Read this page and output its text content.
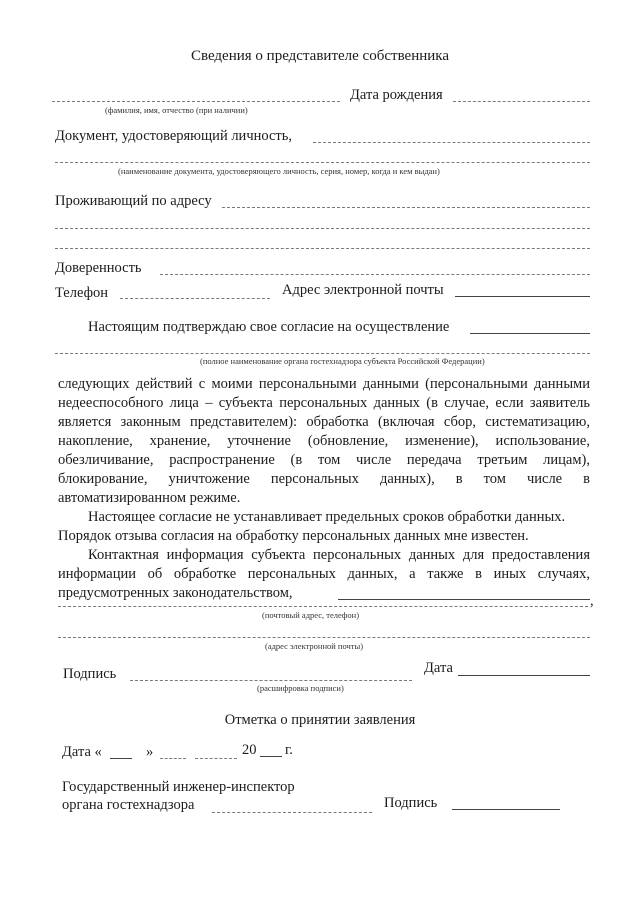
Сведения о представителе собственника
Дата рождения
(фамилия, имя, отчество (при наличии)
Документ, удостоверяющий личность,
(наименование документа, удостоверяющего личность, серия, номер, когда и кем выдан)
Проживающий по адресу
Доверенность
Телефон	Адрес электронной почты
Настоящим подтверждаю свое согласие на осуществление
(полное наименование органа гостехнадзора субъекта Российской Федерации)
следующих действий с моими персональными данными (персональными данными
недееспособного лица – субъекта персональных данных (в случае, если заявитель
является законным представителем): обработка (включая сбор, систематизацию,
накопление, хранение, уточнение (обновление, изменение), использование,
обезличивание, распространение (в том числе передача третьим лицам),
блокирование, уничтожение персональных данных), в том числе в
автоматизированном режиме.
Настоящее согласие не устанавливает предельных сроков обработки данных.
Порядок отзыва согласия на обработку персональных данных мне известен.
Контактная информация субъекта персональных данных для предоставления
информации об обработке персональных данных, а также в иных случаях,
предусмотренных законодательством,	,
(почтовый адрес, телефон)
(адрес электронной почты)
Подпись	Дата
(расшифровка подписи)
Отметка о принятии заявления
Дата «	»	20 г.
Государственный инженер-инспектор
органа гостехнадзора	Подпись
